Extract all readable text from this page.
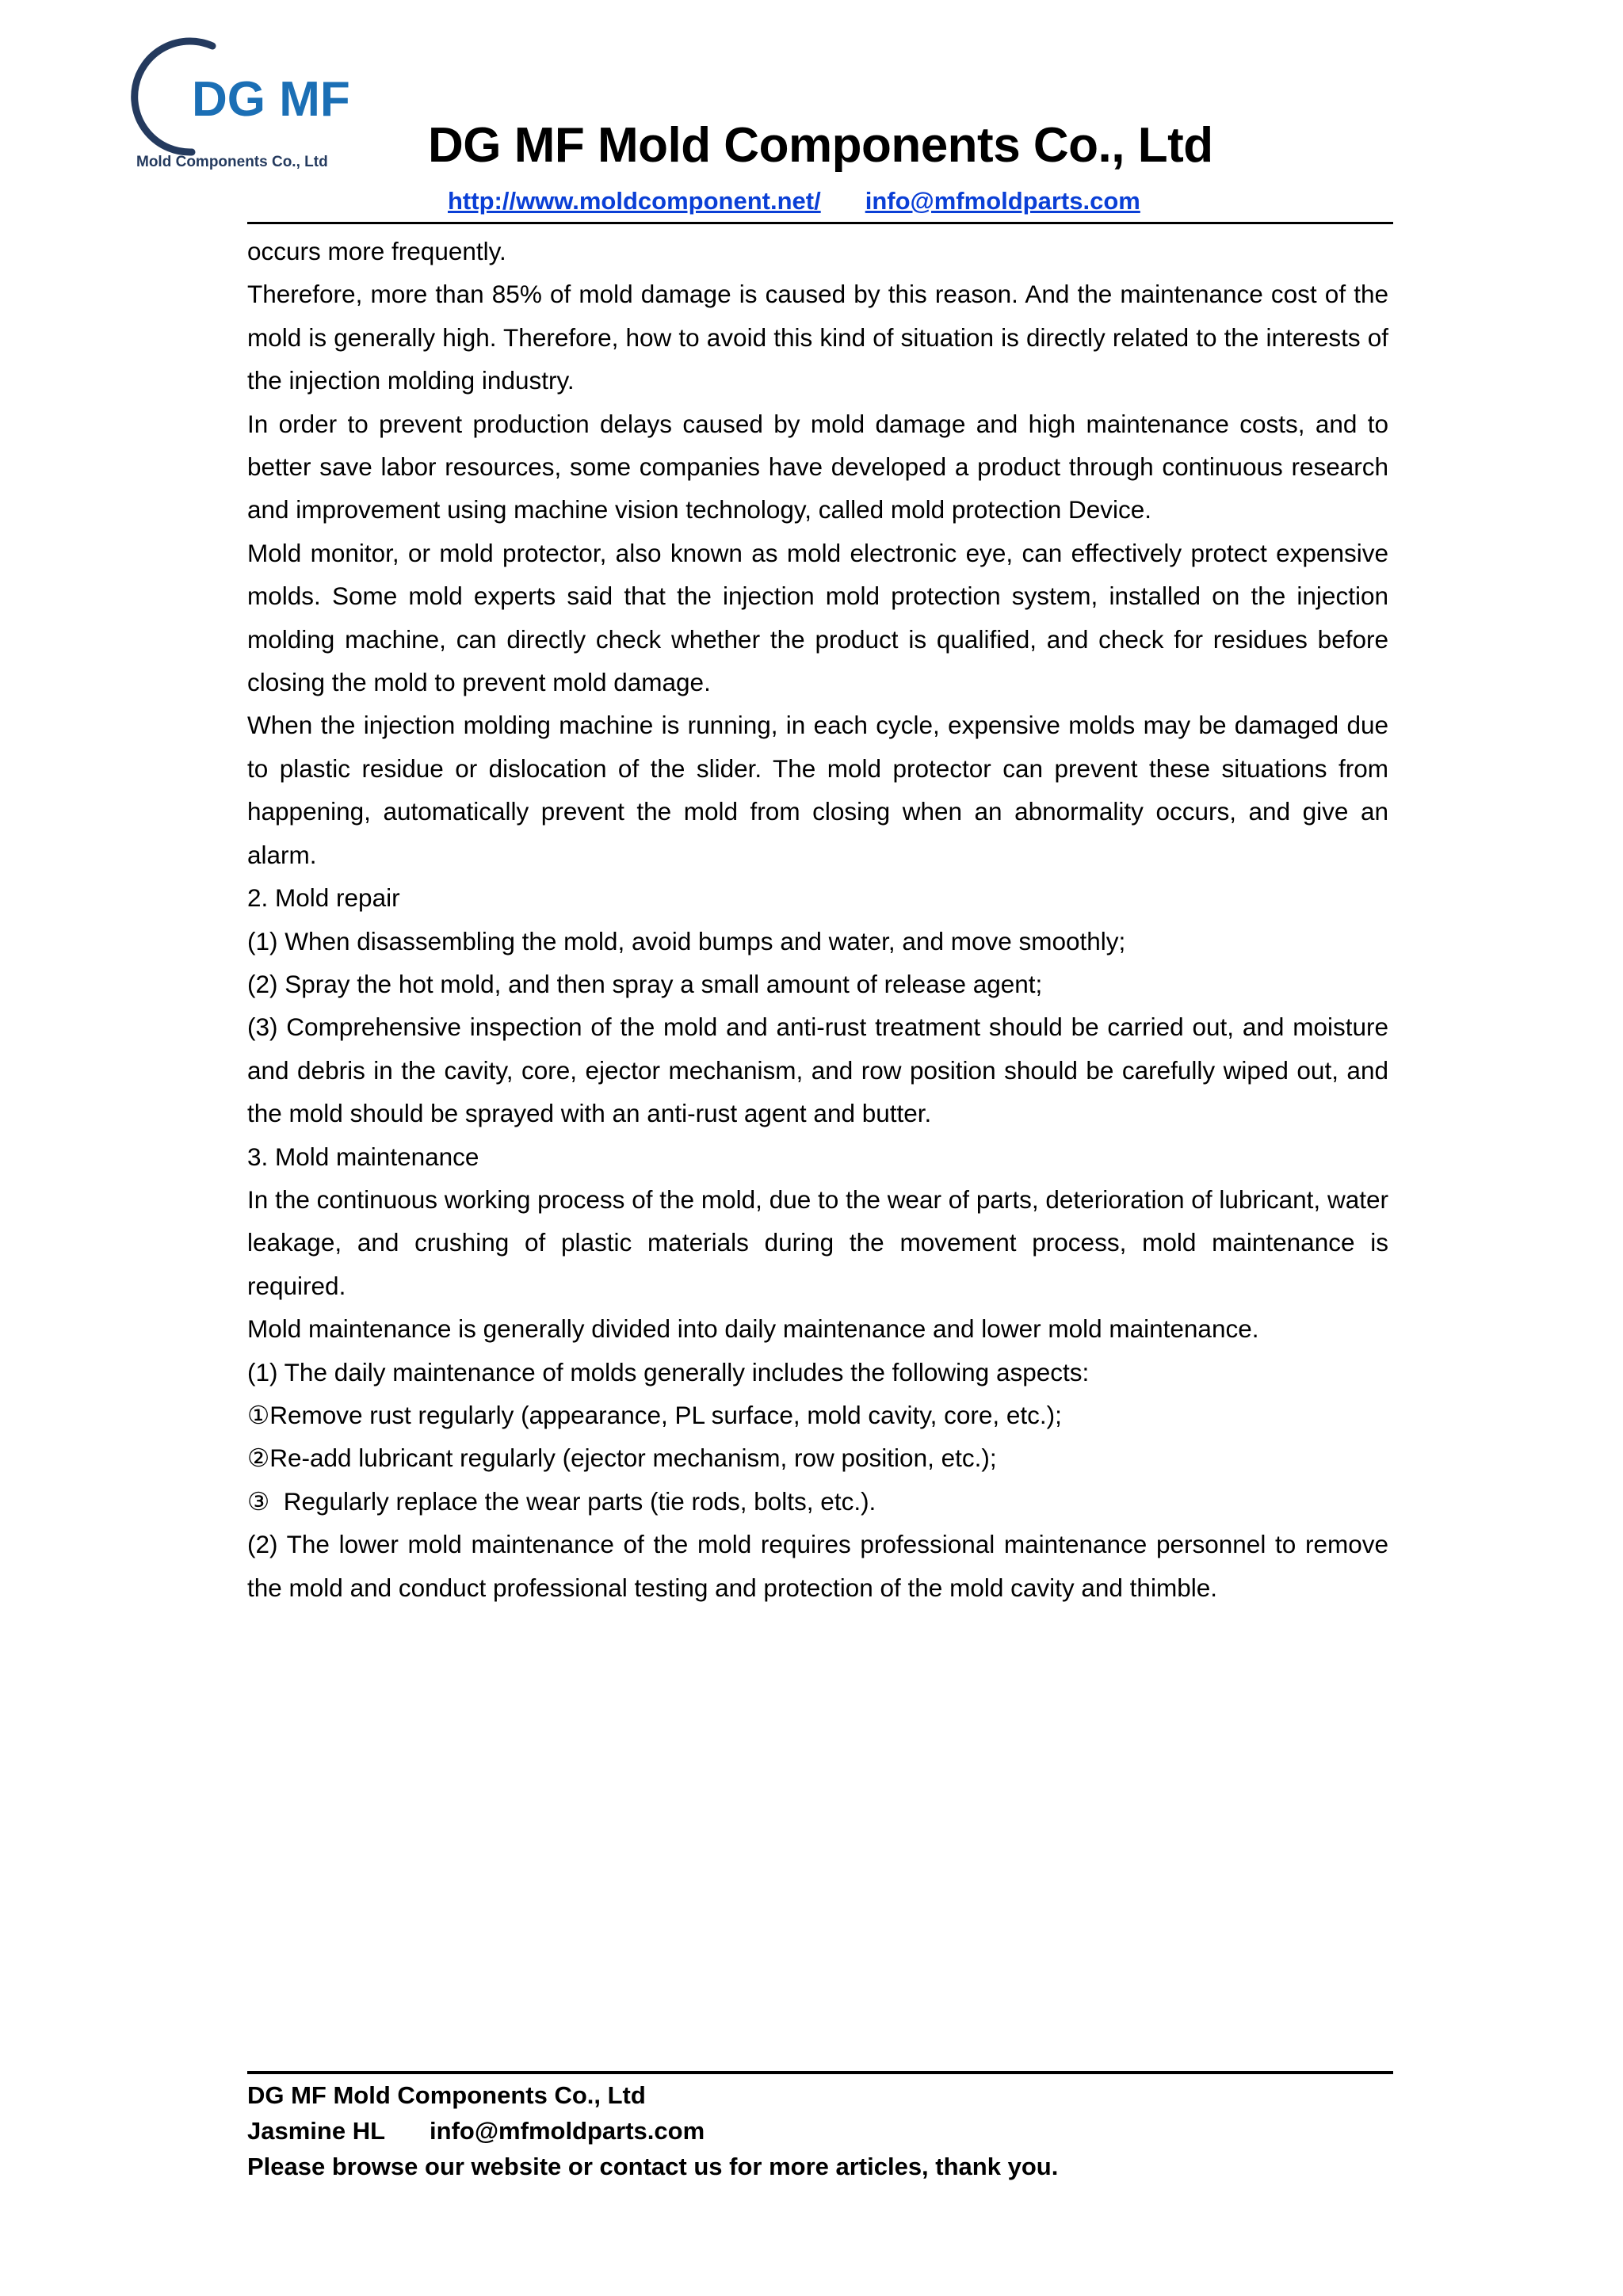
DG MF
Mold Components Co., Ltd DG MF Mold Components Co., Ltd
http://www.moldcomponent.net/ info@mfmoldparts.com

occurs more frequently.

Therefore, more than 85% of mold damage is caused by this reason. And the maintenance cost of the mold is generally high. Therefore, how to avoid this kind of situation is directly related to the interests of the injection molding industry.

In order to prevent production delays caused by mold damage and high maintenance costs, and to better save labor resources, some companies have developed a product through continuous research and improvement using machine vision technology, called mold protection Device.

Mold monitor, or mold protector, also known as mold electronic eye, can effectively protect expensive molds. Some mold experts said that the injection mold protection system, installed on the injection molding machine, can directly check whether the product is qualified, and check for residues before closing the mold to prevent mold damage.

When the injection molding machine is running, in each cycle, expensive molds may be damaged due to plastic residue or dislocation of the slider. The mold protector can prevent these situations from happening, automatically prevent the mold from closing when an abnormality occurs, and give an alarm.

2. Mold repair

(1) When disassembling the mold, avoid bumps and water, and move smoothly;

(2) Spray the hot mold, and then spray a small amount of release agent;

(3) Comprehensive inspection of the mold and anti-rust treatment should be carried out, and moisture and debris in the cavity, core, ejector mechanism, and row position should be carefully wiped out, and the mold should be sprayed with an anti-rust agent and butter.

3. Mold maintenance

In the continuous working process of the mold, due to the wear of parts, deterioration of lubricant, water leakage, and crushing of plastic materials during the movement process, mold maintenance is required.

Mold maintenance is generally divided into daily maintenance and lower mold maintenance.

(1) The daily maintenance of molds generally includes the following aspects:

①Remove rust regularly (appearance, PL surface, mold cavity, core, etc.);

②Re-add lubricant regularly (ejector mechanism, row position, etc.);

③  Regularly replace the wear parts (tie rods, bolts, etc.).

(2) The lower mold maintenance of the mold requires professional maintenance personnel to remove the mold and conduct professional testing and protection of the mold cavity and thimble.

DG MF Mold Components Co., Ltd
Jasmine HL info@mfmoldparts.com
Please browse our website or contact us for more articles, thank you.
